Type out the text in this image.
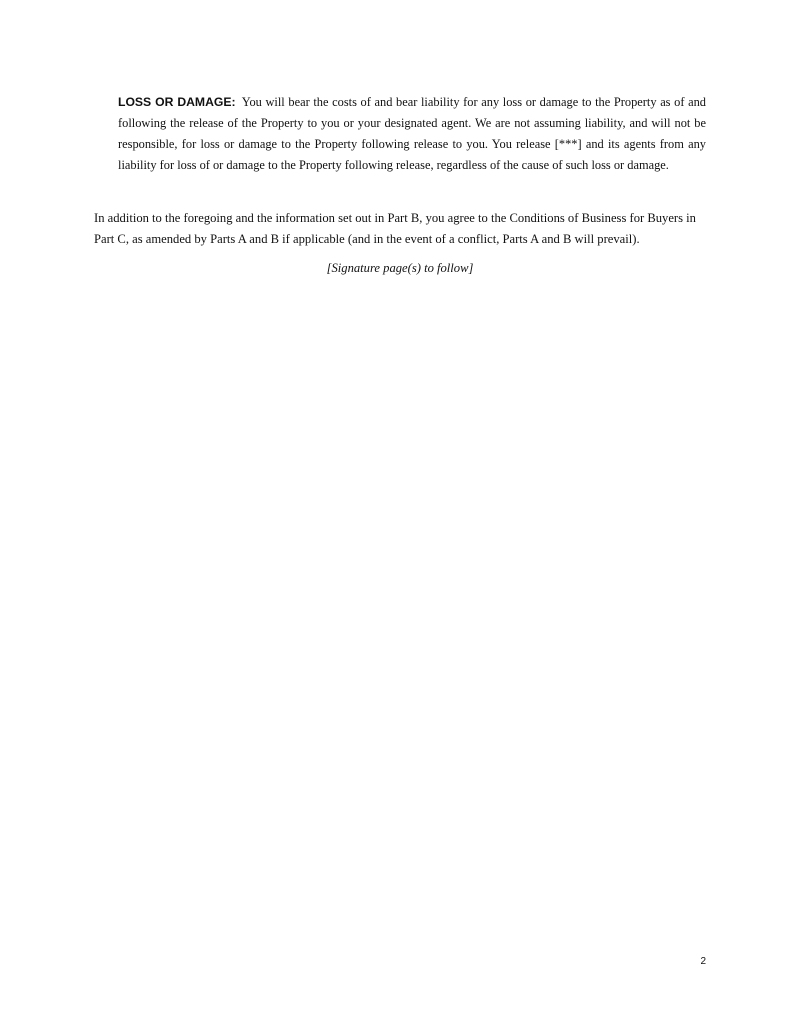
LOSS OR DAMAGE: You will bear the costs of and bear liability for any loss or damage to the Property as of and following the release of the Property to you or your designated agent. We are not assuming liability, and will not be responsible, for loss or damage to the Property following release to you. You release [***] and its agents from any liability for loss of or damage to the Property following release, regardless of the cause of such loss or damage.

In addition to the foregoing and the information set out in Part B, you agree to the Conditions of Business for Buyers in Part C, as amended by Parts A and B if applicable (and in the event of a conflict, Parts A and B will prevail).

[Signature page(s) to follow]

2
